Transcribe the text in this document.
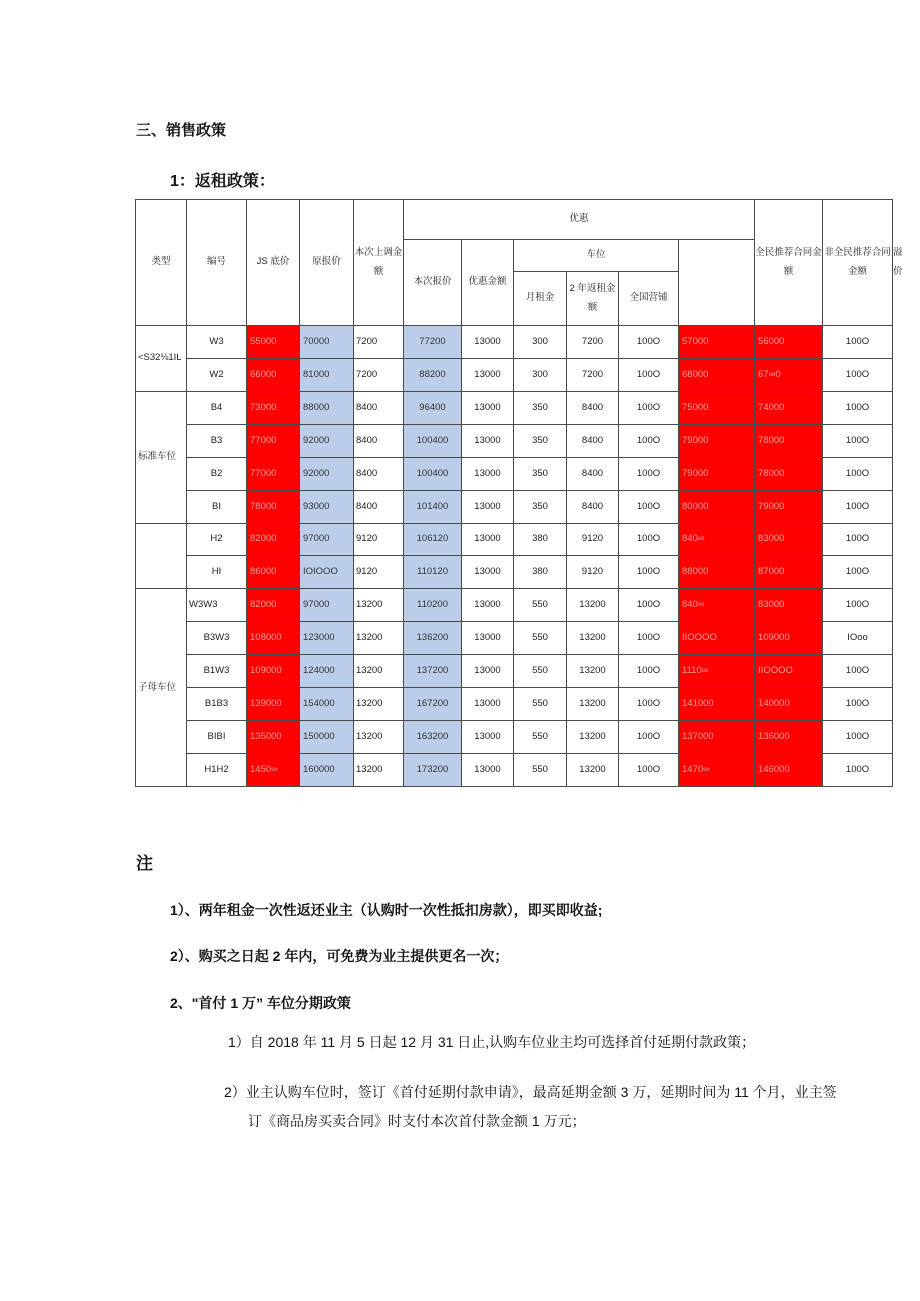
三、销售政策

1：返租政策：

类型	编号	JS 底价	原报价	本次上调金额	优惠						全民推荐合同金额	非全民推荐合同金额	溢价
					本次报价	优惠金额	车位						
							月租金	2 年返租金额	全国营铺				

<S32⅛1IL	W3	55000	70000	7200	77200	13000	300	7200	100O	57000	56000	100O	
	W2	66000	81000	7200	88200	13000	300	7200	100O	68000	67∞0	100O	
标准车位	B4	73000	88000	8400	96400	13000	350	8400	100O	75000	74000	100O	
	B3	77000	92000	8400	100400	13000	350	8400	100O	79000	78000	100O	
	B2	77000	92000	8400	100400	13000	350	8400	100O	79000	78000	100O	
	BI	78000	93000	8400	101400	13000	350	8400	100O	80000	79000	100O	
	H2	82000	97000	9120	106120	13000	380	9120	100O	840∞	83000	100O	
	HI	86000	IOIOOO	9120	110120	13000	380	9120	100O	88000	87000	100O	
子母车位	W3W3	82000	97000	13200	110200	13000	550	13200	100O	840∞	83000	100O	
	B3W3	108000	123000	13200	136200	13000	550	13200	100O	IIOOOO	109000	IOoo	
	B1W3	109000	124000	13200	137200	13000	550	13200	100O	1110∞	IIOOOO	100O	
	B1B3	139000	154000	13200	167200	13000	550	13200	100O	141000	140000	100O	
	BIBI	135000	150000	13200	163200	13000	550	13200	100O	137000	136000	100O	
	H1H2	1450∞	160000	13200	173200	13000	550	13200	100O	1470∞	146000	100O	

注

1）、两年租金一次性返还业主（认购时一次性抵扣房款），即买即收益;

2）、购买之日起 2 年内，可免费为业主提供更名一次；

2、"首付 1 万” 车位分期政策

1）自 2018 年 11 月 5 日起 12 月 31 日止,认购车位业主均可选择首付延期付款政策；

2）业主认购车位时，签订《首付延期付款申请》，最高延期金额 3 万，延期时间为 11 个月，业主签

订《商品房买卖合同》时支付本次首付款金额 1 万元；
